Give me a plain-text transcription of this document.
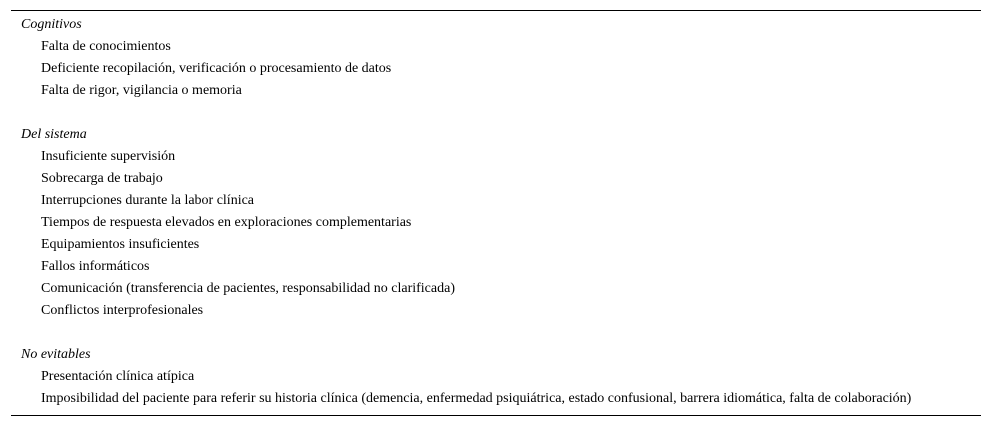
Cognitivos
Falta de conocimientos
Deficiente recopilación, verificación o procesamiento de datos
Falta de rigor, vigilancia o memoria
Del sistema
Insuficiente supervisión
Sobrecarga de trabajo
Interrupciones durante la labor clínica
Tiempos de respuesta elevados en exploraciones complementarias
Equipamientos insuficientes
Fallos informáticos
Comunicación (transferencia de pacientes, responsabilidad no clarificada)
Conflictos interprofesionales
No evitables
Presentación clínica atípica
Imposibilidad del paciente para referir su historia clínica (demencia, enfermedad psiquiátrica, estado confusional, barrera idiomática, falta de colaboración)
